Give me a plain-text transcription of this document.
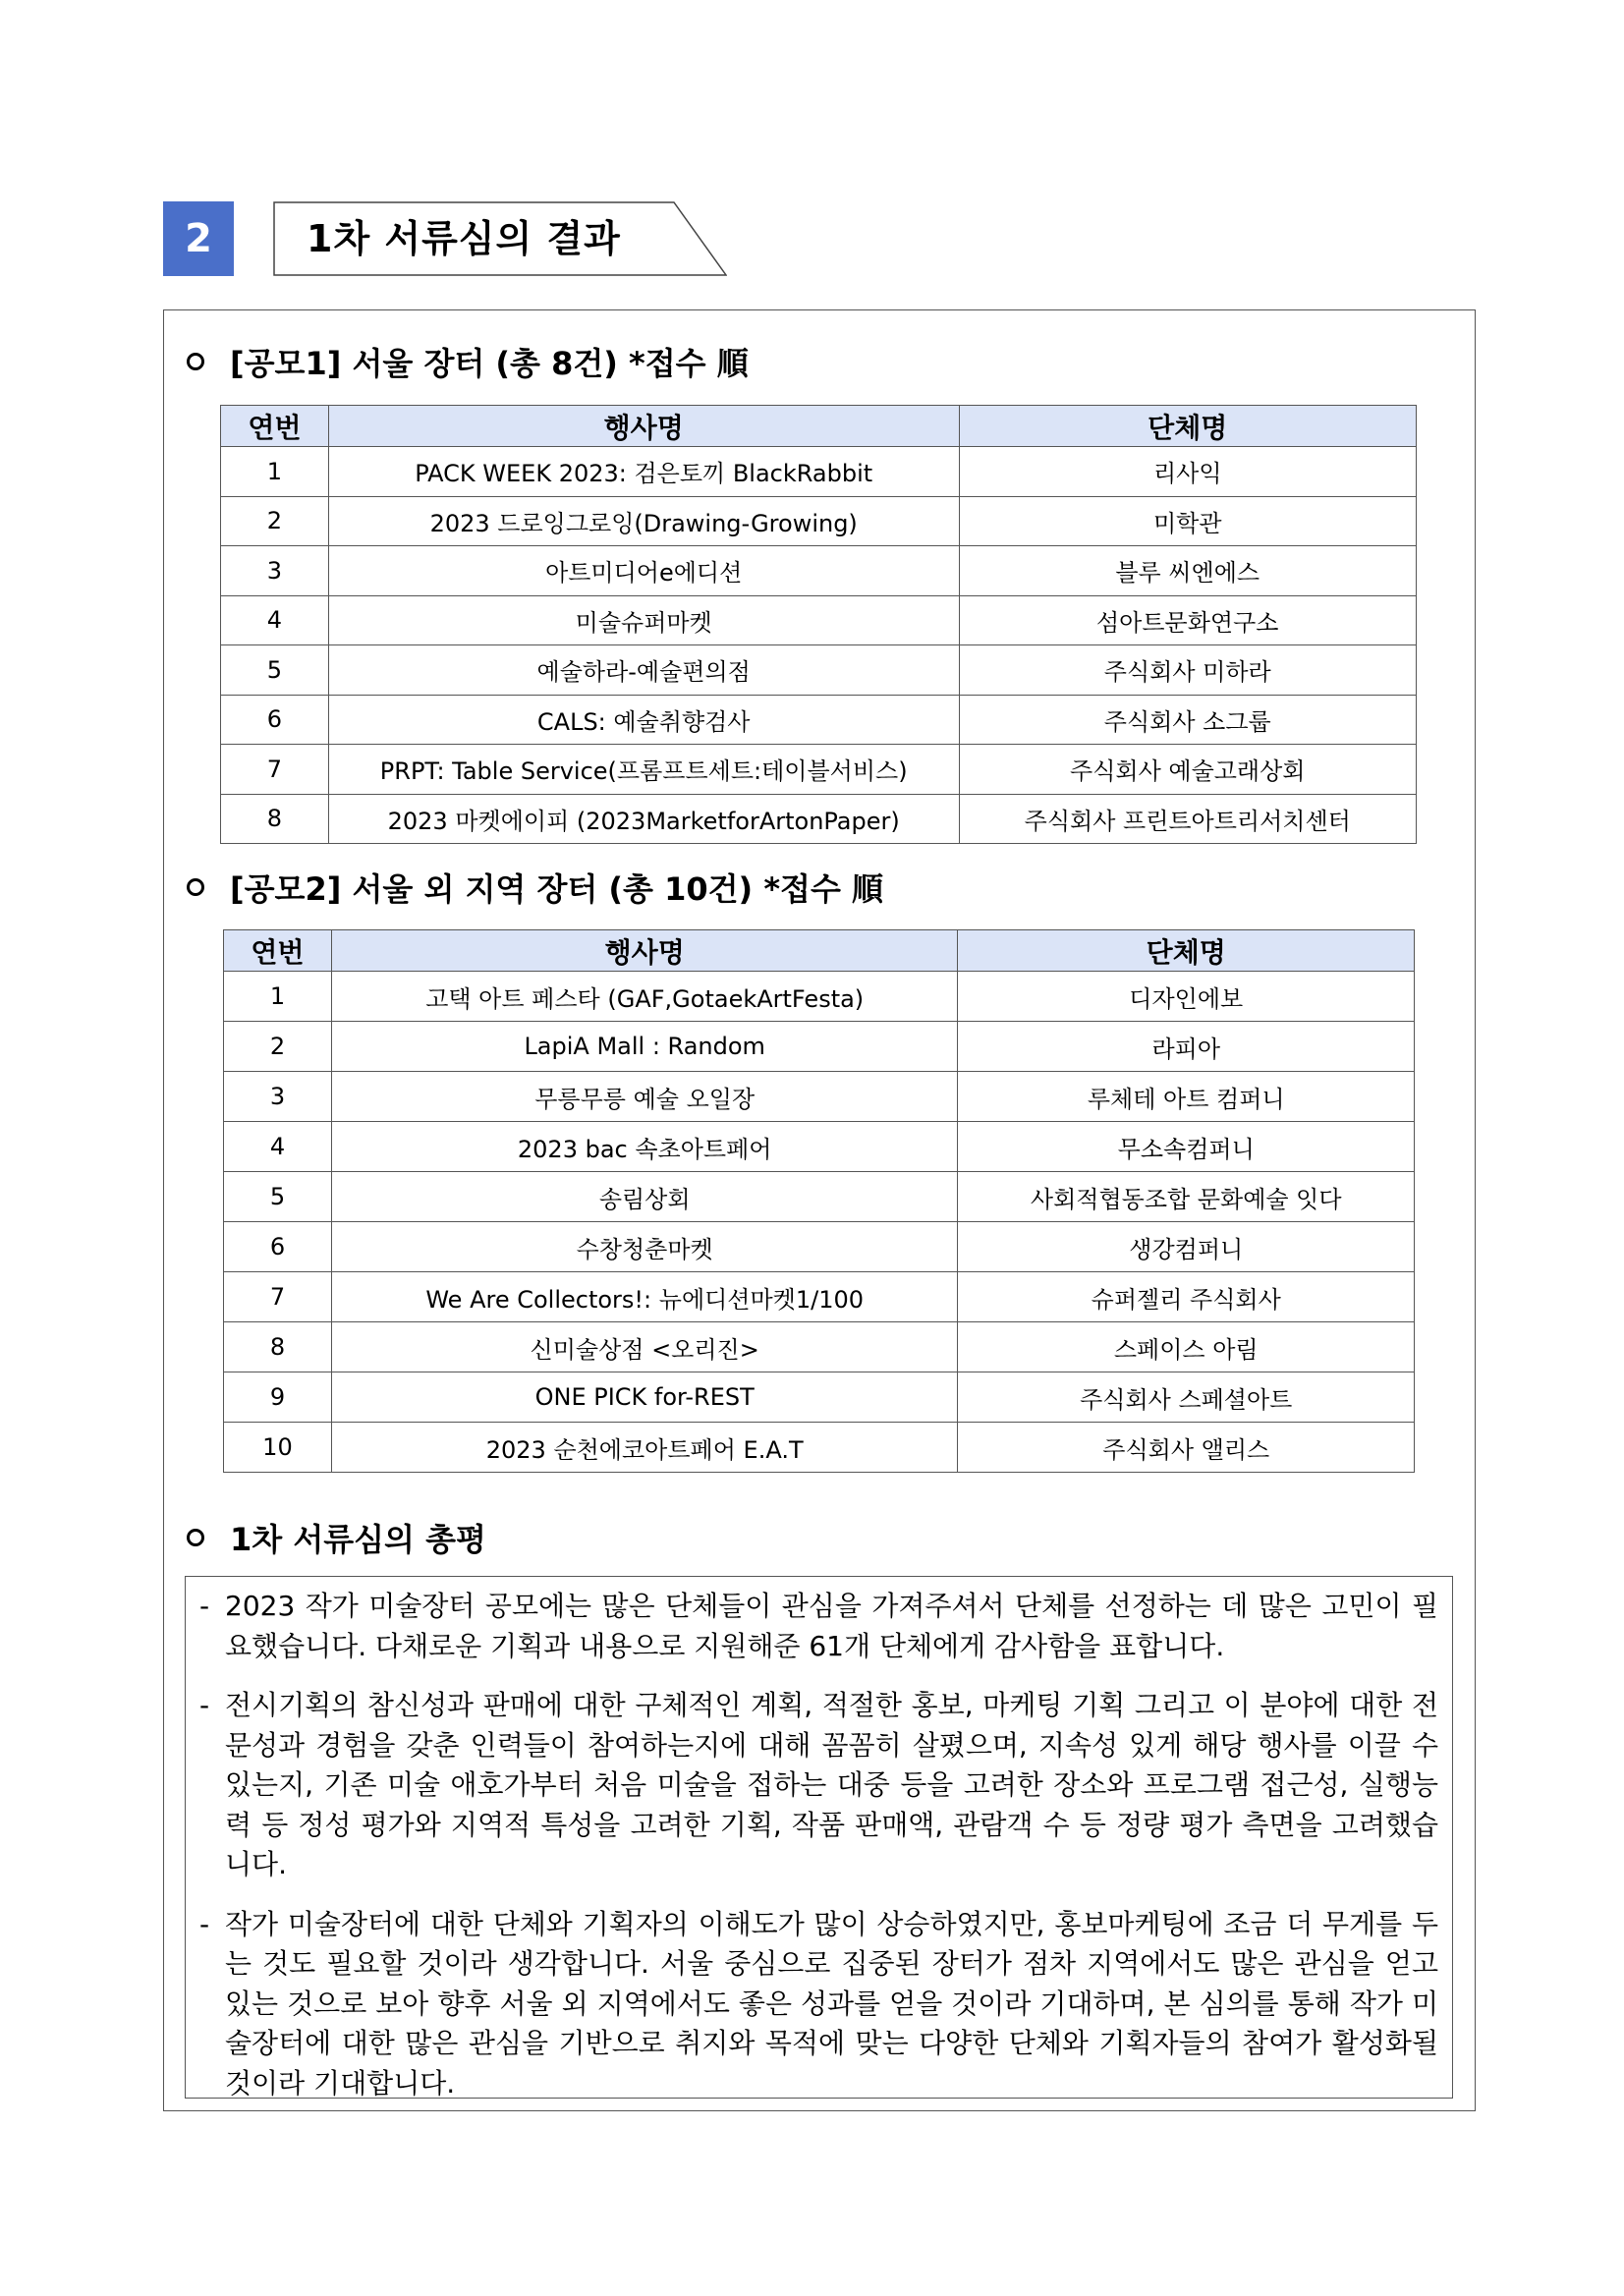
2	1차 서류심의 결과
[공모1] 서울 장터 (총 8건) *접수 順
연번	행사명	단체명
1	PACK WEEK 2023: 검은토끼 BlackRabbit	리사익
2	2023 드로잉그로잉(Drawing-Growing)	미학관
3	아트미디어e에디션	블루 씨엔에스
4	미술슈퍼마켓	섬아트문화연구소
5	예술하라-예술편의점	주식회사 미하라
6	CALS: 예술취향검사	주식회사 소그룹
7	PRPT: Table Service(프롬프트세트:테이블서비스)	주식회사 예술고래상회
8	2023 마켓에이피 (2023MarketforArtonPaper)	주식회사 프린트아트리서치센터
[공모2] 서울 외 지역 장터 (총 10건) *접수 順
연번	행사명	단체명
1	고택 아트 페스타 (GAF,GotaekArtFesta)	디자인에보
2	LapiA Mall : Random	라피아
3	무릉무릉 예술 오일장	루체테 아트 컴퍼니
4	2023 bac 속초아트페어	무소속컴퍼니
5	송림상회	사회적협동조합 문화예술 잇다
6	수창청춘마켓	생강컴퍼니
7	We Are Collectors!: 뉴에디션마켓1/100	슈퍼젤리 주식회사
8	신미술상점 <오리진>	스페이스 아림
9	ONE PICK for-REST	주식회사 스페셜아트
10	2023 순천에코아트페어 E.A.T	주식회사 앨리스
1차 서류심의 총평
- 2023 작가 미술장터 공모에는 많은 단체들이 관심을 가져주셔서 단체를 선정하는 데 많은 고민이 필요했습니다. 다채로운 기획과 내용으로 지원해준 61개 단체에게 감사함을 표합니다.
- 전시기획의 참신성과 판매에 대한 구체적인 계획, 적절한 홍보, 마케팅 기획 그리고 이 분야에 대한 전문성과 경험을 갖춘 인력들이 참여하는지에 대해 꼼꼼히 살폈으며, 지속성 있게 해당 행사를 이끌 수 있는지, 기존 미술 애호가부터 처음 미술을 접하는 대중 등을 고려한 장소와 프로그램 접근성, 실행능력 등 정성 평가와 지역적 특성을 고려한 기획, 작품 판매액, 관람객 수 등 정량 평가 측면을 고려했습니다.
- 작가 미술장터에 대한 단체와 기획자의 이해도가 많이 상승하였지만, 홍보마케팅에 조금 더 무게를 두는 것도 필요할 것이라 생각합니다. 서울 중심으로 집중된 장터가 점차 지역에서도 많은 관심을 얻고 있는 것으로 보아 향후 서울 외 지역에서도 좋은 성과를 얻을 것이라 기대하며, 본 심의를 통해 작가 미술장터에 대한 많은 관심을 기반으로 취지와 목적에 맞는 다양한 단체와 기획자들의 참여가 활성화될 것이라 기대합니다.
